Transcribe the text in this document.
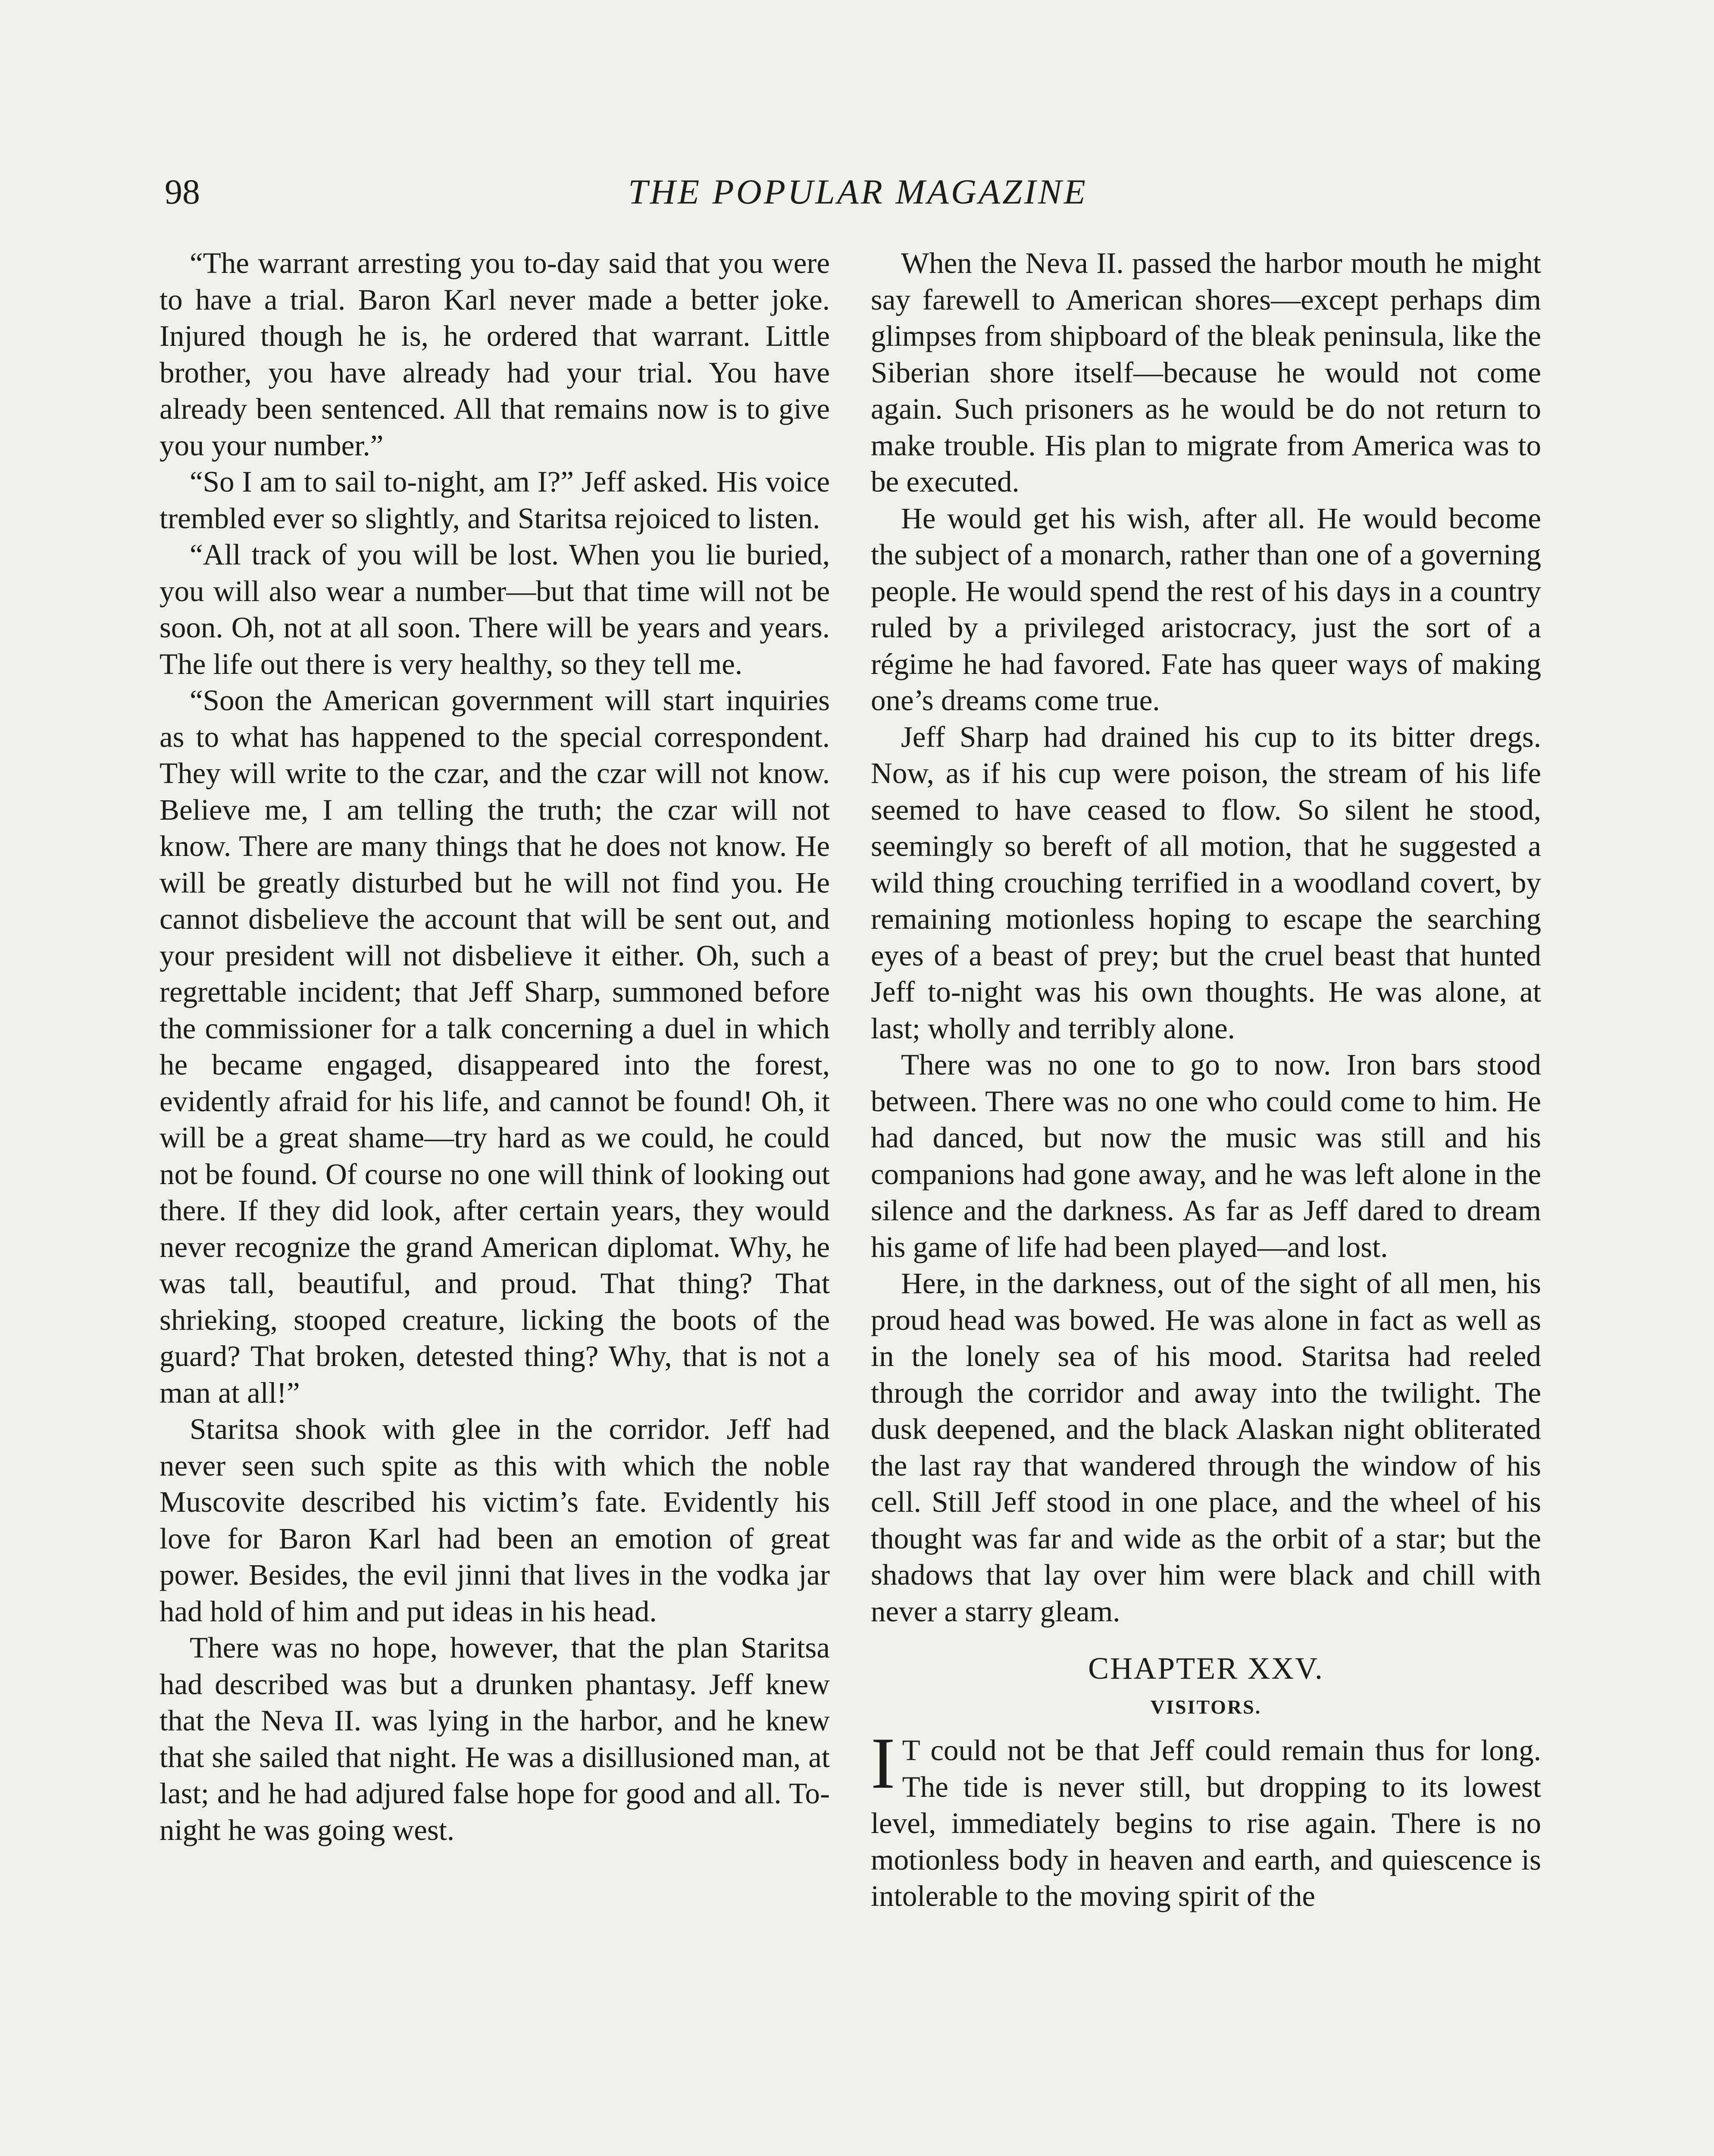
98	THE POPULAR MAGAZINE

“The warrant arresting you to-day said that you were to have a trial. Baron Karl never made a better joke. Injured though he is, he ordered that warrant. Little brother, you have already had your trial. You have already been sentenced. All that remains now is to give you your number.”

“So I am to sail to-night, am I?” Jeff asked. His voice trembled ever so slightly, and Staritsa rejoiced to listen.

“All track of you will be lost. When you lie buried, you will also wear a number—but that time will not be soon. Oh, not at all soon. There will be years and years. The life out there is very healthy, so they tell me.

“Soon the American government will start inquiries as to what has happened to the special correspondent. They will write to the czar, and the czar will not know. Believe me, I am telling the truth; the czar will not know. There are many things that he does not know. He will be greatly disturbed but he will not find you. He cannot disbelieve the account that will be sent out, and your president will not disbelieve it either. Oh, such a regrettable incident; that Jeff Sharp, summoned before the commissioner for a talk concerning a duel in which he became engaged, disappeared into the forest, evidently afraid for his life, and cannot be found! Oh, it will be a great shame—try hard as we could, he could not be found. Of course no one will think of looking out there. If they did look, after certain years, they would never recognize the grand American diplomat. Why, he was tall, beautiful, and proud. That thing? That shrieking, stooped creature, licking the boots of the guard? That broken, detested thing? Why, that is not a man at all!”

Staritsa shook with glee in the corridor. Jeff had never seen such spite as this with which the noble Muscovite described his victim’s fate. Evidently his love for Baron Karl had been an emotion of great power. Besides, the evil jinni that lives in the vodka jar had hold of him and put ideas in his head.

There was no hope, however, that the plan Staritsa had described was but a drunken phantasy. Jeff knew that the Neva II. was lying in the harbor, and he knew that she sailed that night. He was a disillusioned man, at last; and he had adjured false hope for good and all. To-night he was going west.

When the Neva II. passed the harbor mouth he might say farewell to American shores—except perhaps dim glimpses from shipboard of the bleak peninsula, like the Siberian shore itself—because he would not come again. Such prisoners as he would be do not return to make trouble. His plan to migrate from America was to be executed.

He would get his wish, after all. He would become the subject of a monarch, rather than one of a governing people. He would spend the rest of his days in a country ruled by a privileged aristocracy, just the sort of a régime he had favored. Fate has queer ways of making one’s dreams come true.

Jeff Sharp had drained his cup to its bitter dregs. Now, as if his cup were poison, the stream of his life seemed to have ceased to flow. So silent he stood, seemingly so bereft of all motion, that he suggested a wild thing crouching terrified in a woodland covert, by remaining motionless hoping to escape the searching eyes of a beast of prey; but the cruel beast that hunted Jeff to-night was his own thoughts. He was alone, at last; wholly and terribly alone.

There was no one to go to now. Iron bars stood between. There was no one who could come to him. He had danced, but now the music was still and his companions had gone away, and he was left alone in the silence and the darkness. As far as Jeff dared to dream his game of life had been played—and lost.

Here, in the darkness, out of the sight of all men, his proud head was bowed. He was alone in fact as well as in the lonely sea of his mood. Staritsa had reeled through the corridor and away into the twilight. The dusk deepened, and the black Alaskan night obliterated the last ray that wandered through the window of his cell. Still Jeff stood in one place, and the wheel of his thought was far and wide as the orbit of a star; but the shadows that lay over him were black and chill with never a starry gleam.

CHAPTER XXV.
VISITORS.

I T could not be that Jeff could remain thus for long. The tide is never still, but dropping to its lowest level, immediately begins to rise again. There is no motionless body in heaven and earth, and quiescence is intolerable to the moving spirit of the
